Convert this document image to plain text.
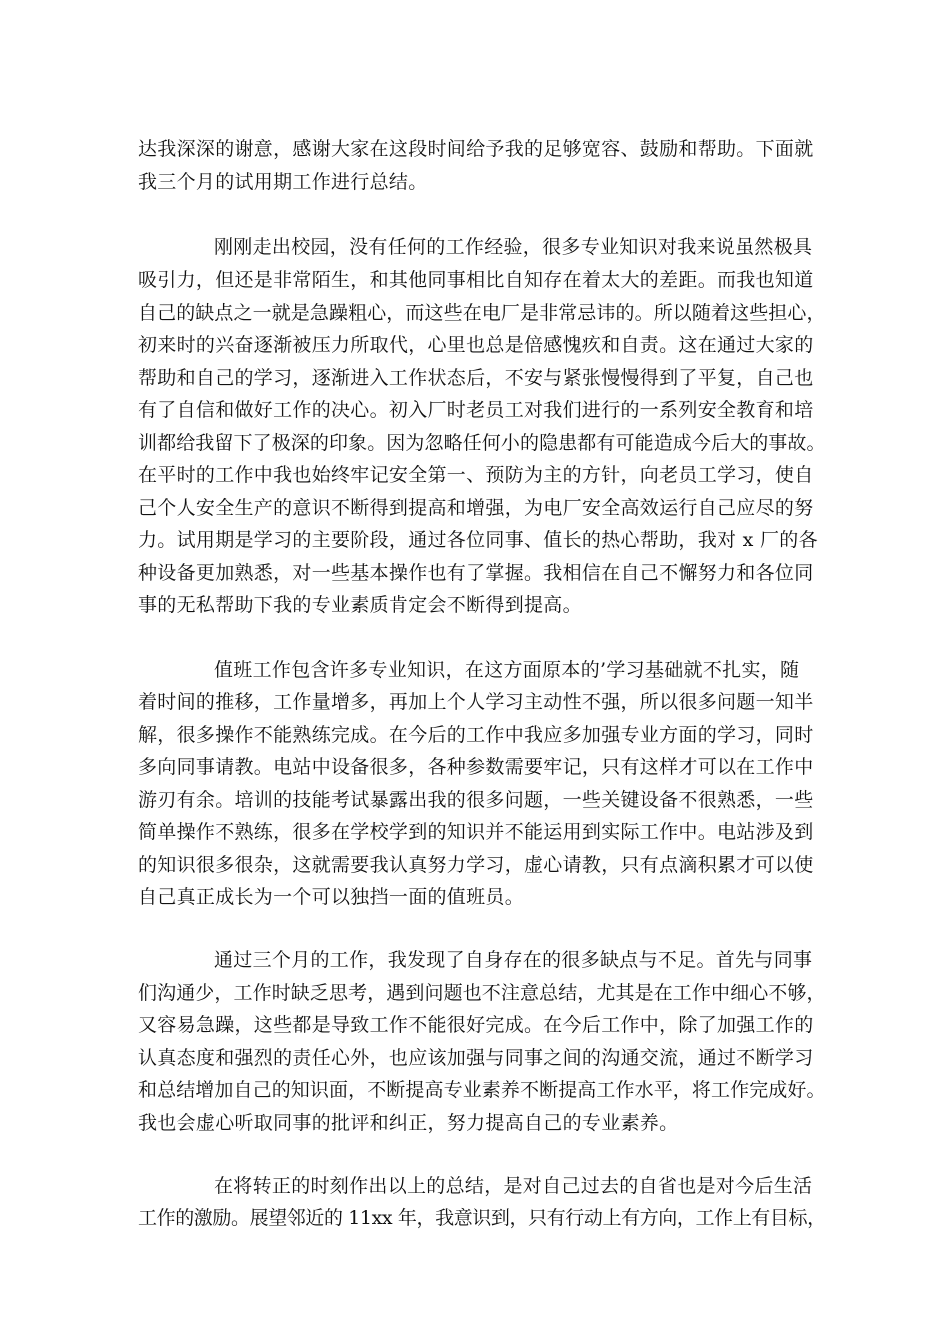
达我深深的谢意，感谢大家在这段时间给予我的足够宽容、鼓励和帮助。下面就
我三个月的试用期工作进行总结。
刚刚走出校园，没有任何的工作经验，很多专业知识对我来说虽然极具
吸引力，但还是非常陌生，和其他同事相比自知存在着太大的差距。而我也知道
自己的缺点之一就是急躁粗心，而这些在电厂是非常忌讳的。所以随着这些担心，
初来时的兴奋逐渐被压力所取代，心里也总是倍感愧疚和自责。这在通过大家的
帮助和自己的学习，逐渐进入工作状态后，不安与紧张慢慢得到了平复，自己也
有了自信和做好工作的决心。初入厂时老员工对我们进行的一系列安全教育和培
训都给我留下了极深的印象。因为忽略任何小的隐患都有可能造成今后大的事故。
在平时的工作中我也始终牢记安全第一、预防为主的方针，向老员工学习，使自
己个人安全生产的意识不断得到提高和增强，为电厂安全高效运行自己应尽的努
力。试用期是学习的主要阶段，通过各位同事、值长的热心帮助，我对 x 厂的各
种设备更加熟悉，对一些基本操作也有了掌握。我相信在自己不懈努力和各位同
事的无私帮助下我的专业素质肯定会不断得到提高。
值班工作包含许多专业知识，在这方面原本的’学习基础就不扎实，随
着时间的推移，工作量增多，再加上个人学习主动性不强，所以很多问题一知半
解，很多操作不能熟练完成。在今后的工作中我应多加强专业方面的学习，同时
多向同事请教。电站中设备很多，各种参数需要牢记，只有这样才可以在工作中
游刃有余。培训的技能考试暴露出我的很多问题，一些关键设备不很熟悉，一些
简单操作不熟练，很多在学校学到的知识并不能运用到实际工作中。电站涉及到
的知识很多很杂，这就需要我认真努力学习，虚心请教，只有点滴积累才可以使
自己真正成长为一个可以独挡一面的值班员。
通过三个月的工作，我发现了自身存在的很多缺点与不足。首先与同事
们沟通少，工作时缺乏思考，遇到问题也不注意总结，尤其是在工作中细心不够，
又容易急躁，这些都是导致工作不能很好完成。在今后工作中，除了加强工作的
认真态度和强烈的责任心外，也应该加强与同事之间的沟通交流，通过不断学习
和总结增加自己的知识面，不断提高专业素养不断提高工作水平，将工作完成好。
我也会虚心听取同事的批评和纠正，努力提高自己的专业素养。
在将转正的时刻作出以上的总结，是对自己过去的自省也是对今后生活
工作的激励。展望邻近的 11xx 年，我意识到，只有行动上有方向，工作上有目标，
